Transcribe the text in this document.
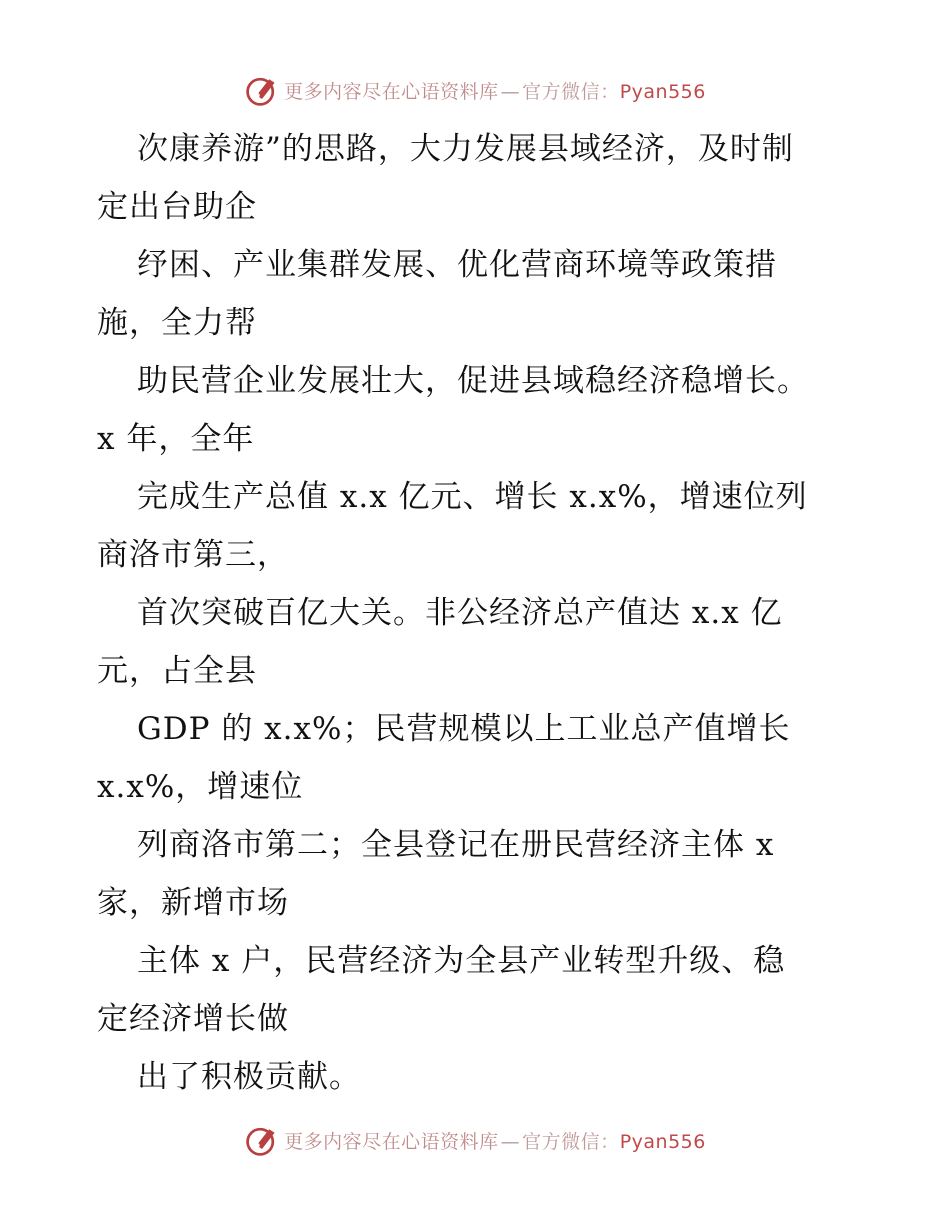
更多内容尽在心语资料库 — 官方微信：Pyan556
次康养游”的思路，大力发展县域经济，及时制
定出台助企
纾困、产业集群发展、优化营商环境等政策措
施，全力帮
助民营企业发展壮大，促进县域稳经济稳增长。
x 年，全年
完成生产总值 x.x 亿元、增长 x.x%，增速位列
商洛市第三，
首次突破百亿大关。非公经济总产值达 x.x 亿
元，占全县
GDP 的 x.x%；民营规模以上工业总产值增长
x.x%，增速位
列商洛市第二；全县登记在册民营经济主体 x
家，新增市场
主体 x 户，民营经济为全县产业转型升级、稳
定经济增长做
出了积极贡献。
更多内容尽在心语资料库 — 官方微信：Pyan556
